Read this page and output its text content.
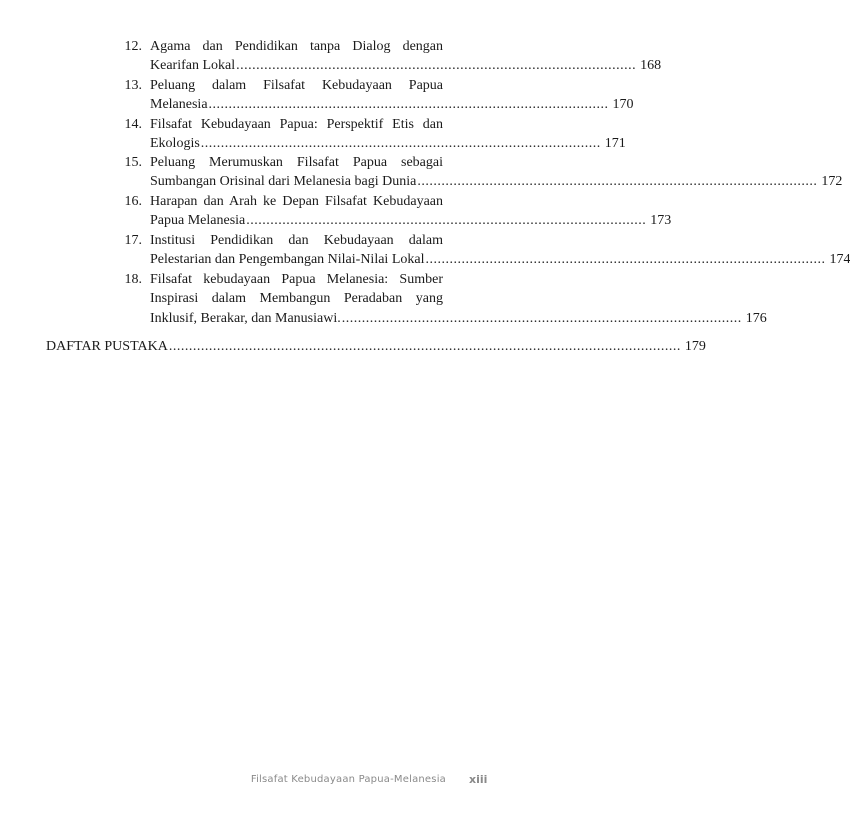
12. Agama dan Pendidikan tanpa Dialog dengan
Kearifan Lokal .................................................................................................... 168
13. Peluang dalam Filsafat Kebudayaan Papua
Melanesia .................................................................................................... 170
14. Filsafat Kebudayaan Papua: Perspektif Etis dan
Ekologis .................................................................................................... 171
15. Peluang Merumuskan Filsafat Papua sebagai
Sumbangan Orisinal dari Melanesia bagi Dunia .................................................................................................... 172
16. Harapan dan Arah ke Depan Filsafat Kebudayaan
Papua Melanesia .................................................................................................... 173
17. Institusi Pendidikan dan Kebudayaan dalam
Pelestarian dan Pengembangan Nilai-Nilai Lokal .................................................................................................... 174
18. Filsafat kebudayaan Papua Melanesia: Sumber
Inspirasi dalam Membangun Peradaban yang
Inklusif, Berakar, dan Manusiawi. .................................................................................................... 176
DAFTAR PUSTAKA ................................................................................................................................ 179
Filsafat Kebudayaan Papua-Melanesia xiii
